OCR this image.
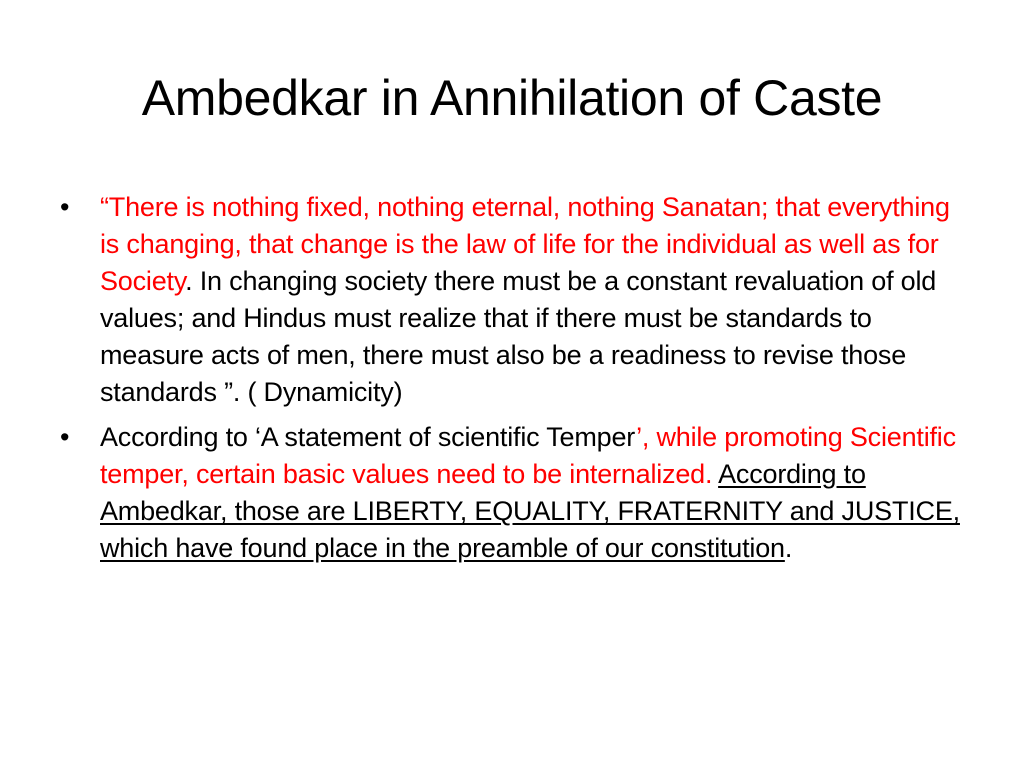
Ambedkar in Annihilation of Caste
• “There is nothing fixed, nothing eternal, nothing Sanatan; that everything is changing, that change is the law of life for the individual as well as for Society. In changing society there must be a constant revaluation of old values; and Hindus must realize that if there must be standards to measure acts of men, there must also be a readiness to revise those standards ”. ( Dynamicity)
• According to ‘A statement of scientific Temper’, while promoting Scientific temper, certain basic values need to be internalized. According to Ambedkar, those are LIBERTY, EQUALITY, FRATERNITY and JUSTICE, which have found place in the preamble of our constitution.
